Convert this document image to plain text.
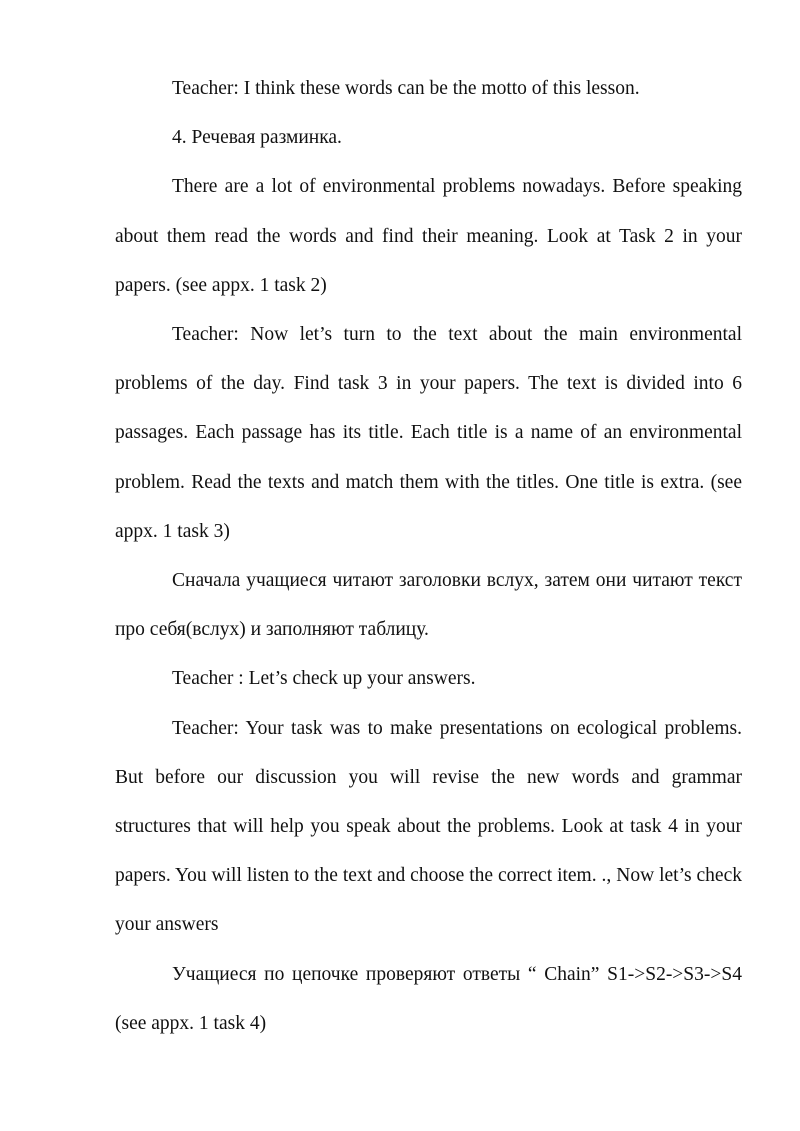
Teacher: I think these words can be the motto of this lesson.

4. Речевая разминка.

There are a lot of environmental problems nowadays. Before speaking about them read the words and find their meaning. Look at Task 2 in your papers. (see appx. 1 task 2)

Teacher: Now let’s turn to the text about the main environmental problems of the day. Find task 3 in your papers. The text is divided into 6 passages. Each passage has its title. Each title is a name of an environmental problem. Read the texts and match them with the titles. One title is extra. (see appx. 1 task 3)

Сначала учащиеся читают заголовки вслух, затем они читают текст про себя(вслух) и заполняют таблицу.

Teacher : Let’s check up your answers.

Teacher: Your task was to make presentations on ecological problems. But before our discussion you will revise the new words and grammar structures that will help you speak about the problems. Look at task 4 in your papers. You will listen to the text and choose the correct item. ., Now let’s check your answers

Учащиеся по цепочке проверяют ответы “ Chain” S1->S2->S3->S4 (see appx. 1 task 4)
